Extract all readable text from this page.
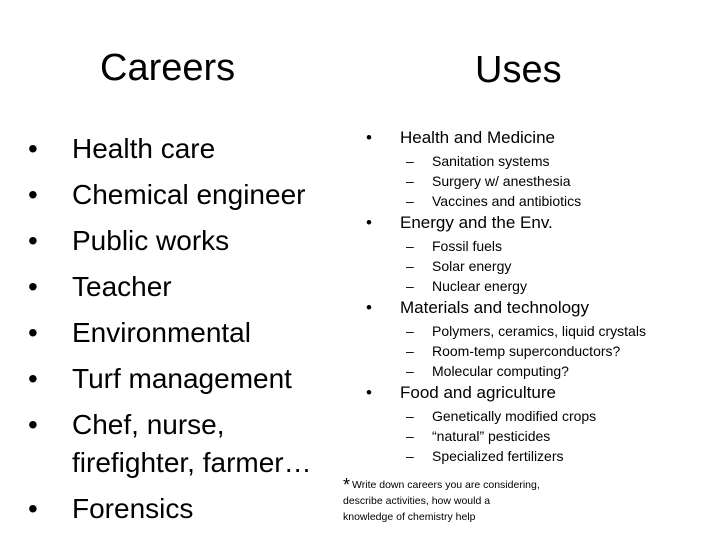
Careers	Uses
• Health care
• Chemical engineer
• Public works
• Teacher
• Environmental
• Turf management
• Chef, nurse,
firefighter, farmer…
• Forensics
• Health and Medicine
– Sanitation systems
– Surgery w/ anesthesia
– Vaccines and antibiotics
• Energy and the Env.
– Fossil fuels
– Solar energy
– Nuclear energy
• Materials and technology
– Polymers, ceramics, liquid crystals
– Room-temp superconductors?
– Molecular computing?
• Food and agriculture
– Genetically modified crops
– “natural” pesticides
– Specialized fertilizers
* Write down careers you are considering, describe activities, how would a knowledge of chemistry help
